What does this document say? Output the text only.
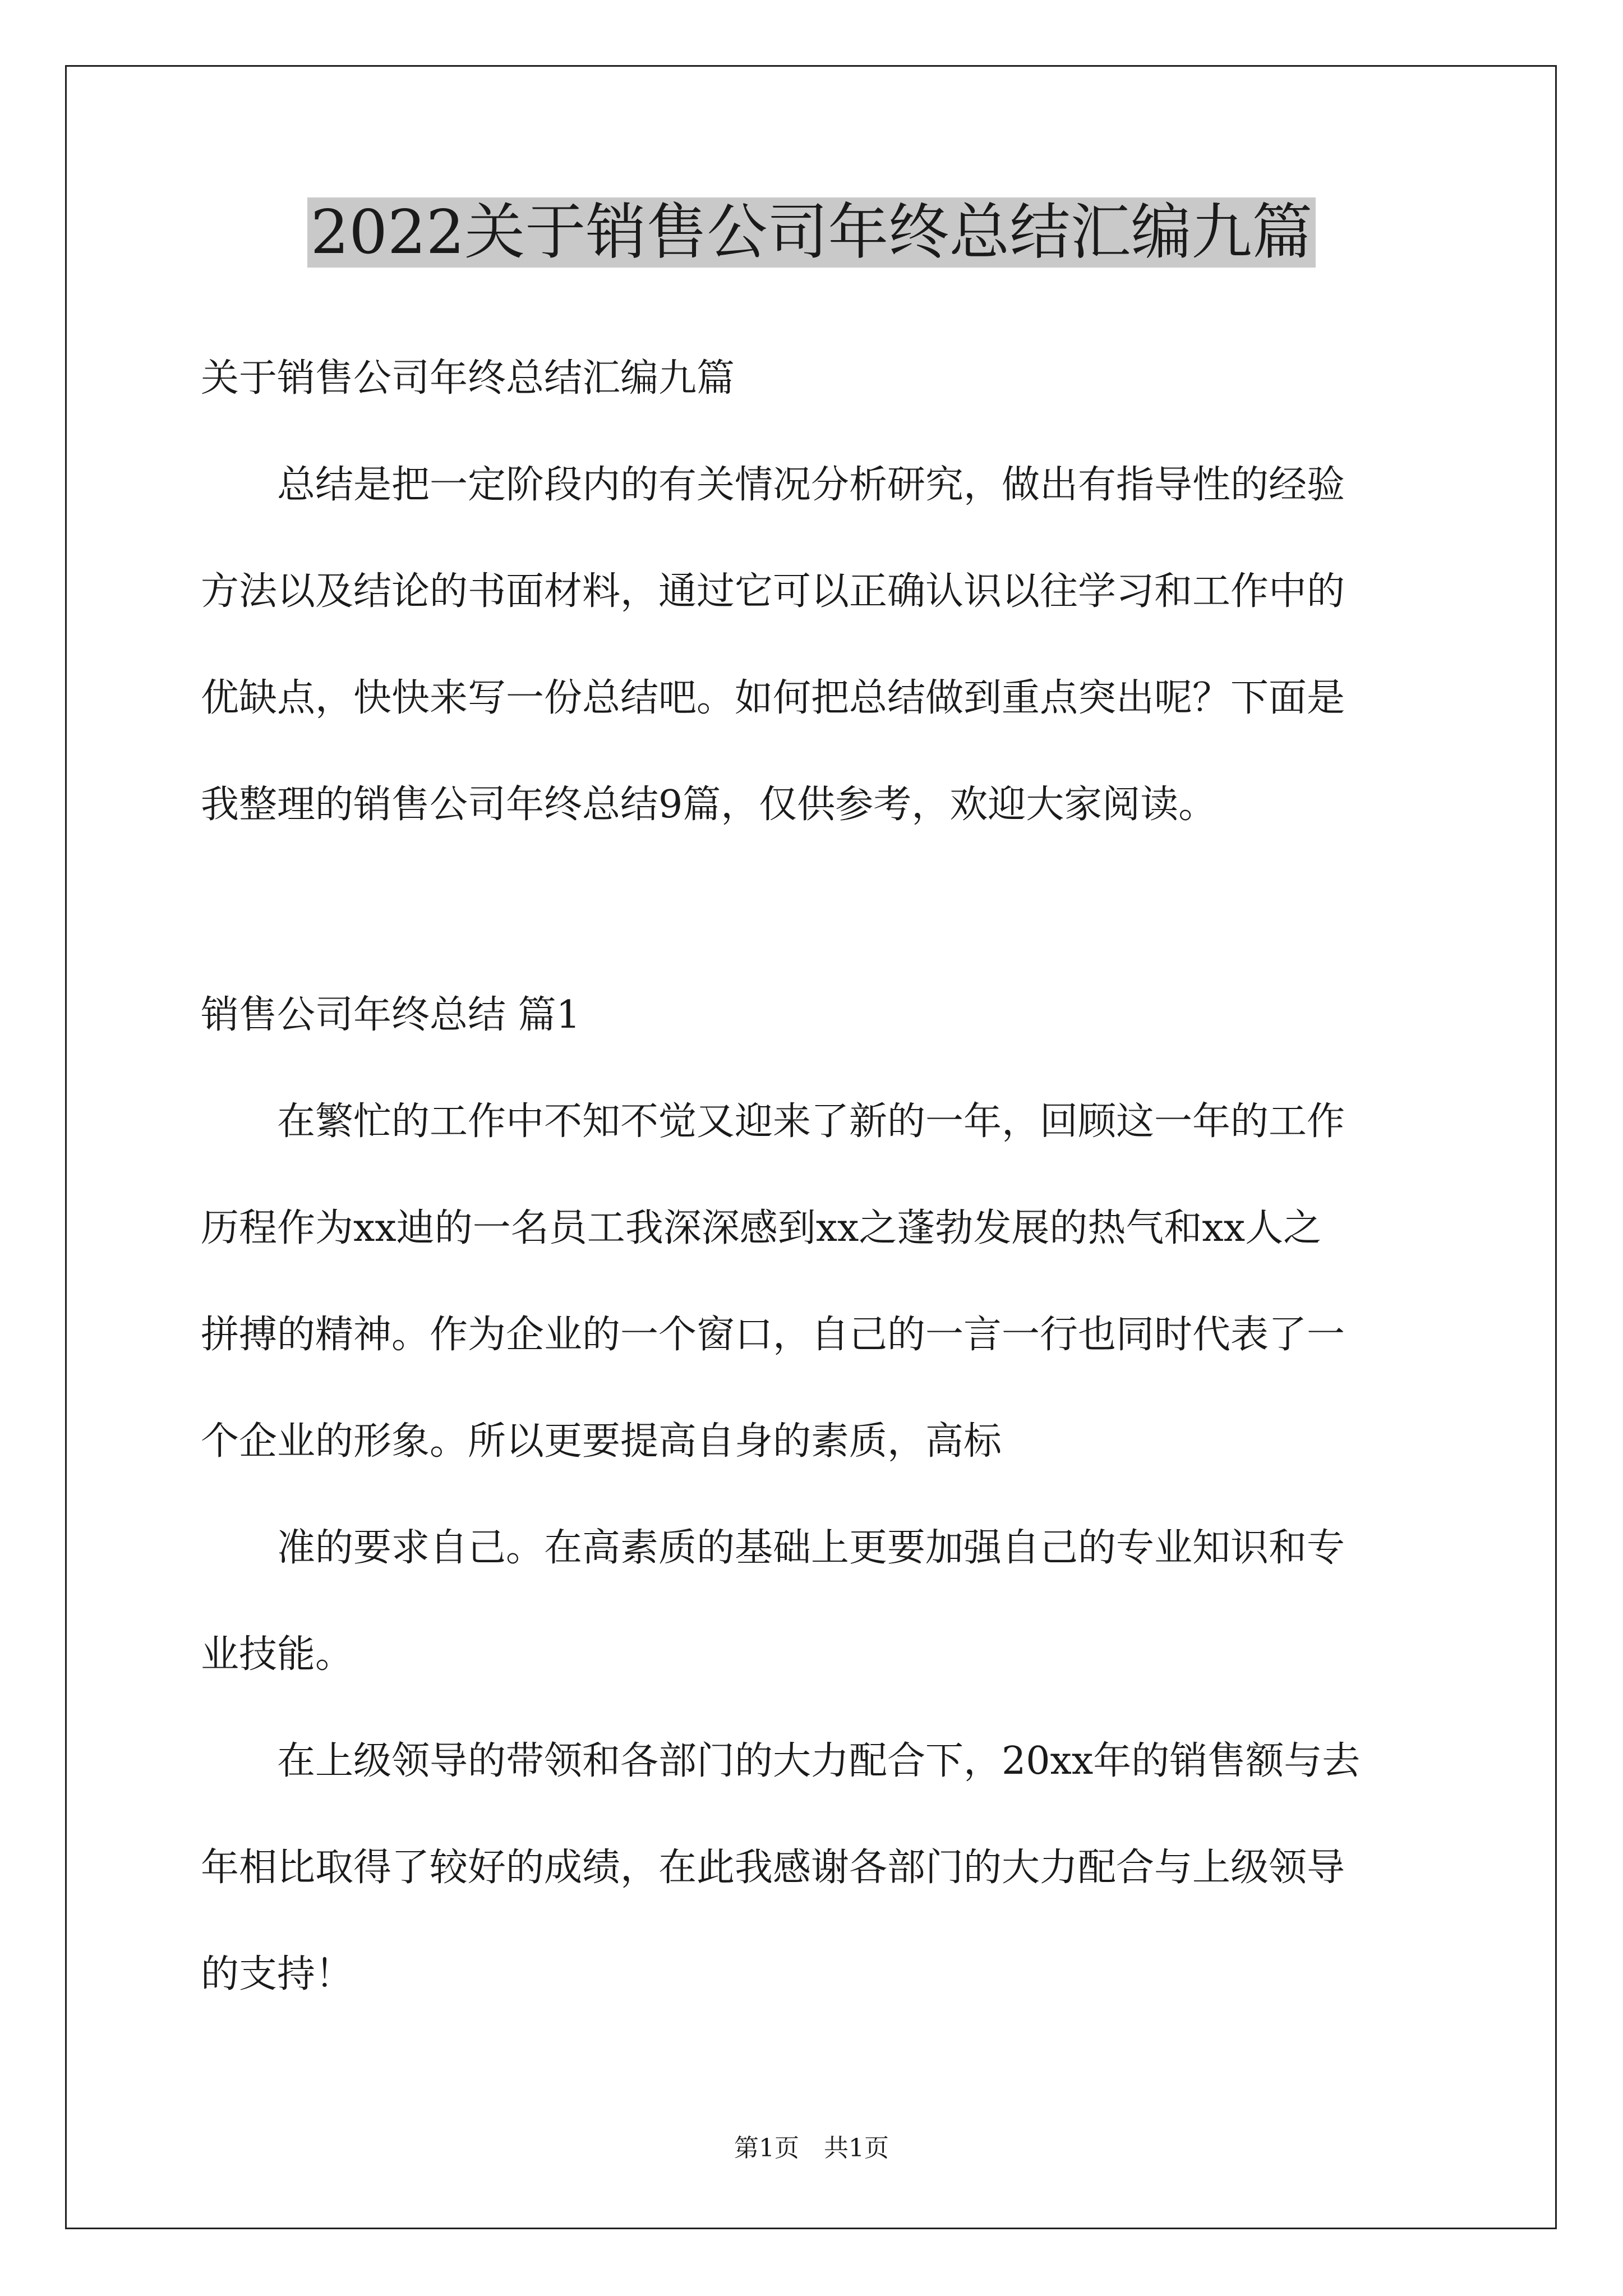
2022关于销售公司年终总结汇编九篇
关于销售公司年终总结汇编九篇
　　总结是把一定阶段内的有关情况分析研究，做出有指导性的经验
方法以及结论的书面材料，通过它可以正确认识以往学习和工作中的
优缺点，快快来写一份总结吧。如何把总结做到重点突出呢？下面是
我整理的销售公司年终总结9篇，仅供参考，欢迎大家阅读。
销售公司年终总结 篇1
　　在繁忙的工作中不知不觉又迎来了新的一年，回顾这一年的工作
历程作为xx迪的一名员工我深深感到xx之蓬勃发展的热气和xx人之
拼搏的精神。作为企业的一个窗口，自己的一言一行也同时代表了一
个企业的形象。所以更要提高自身的素质，高标
　　准的要求自己。在高素质的基础上更要加强自己的专业知识和专
业技能。
　　在上级领导的带领和各部门的大力配合下，20xx年的销售额与去
年相比取得了较好的成绩，在此我感谢各部门的大力配合与上级领导
的支持！
第1页　共1页
